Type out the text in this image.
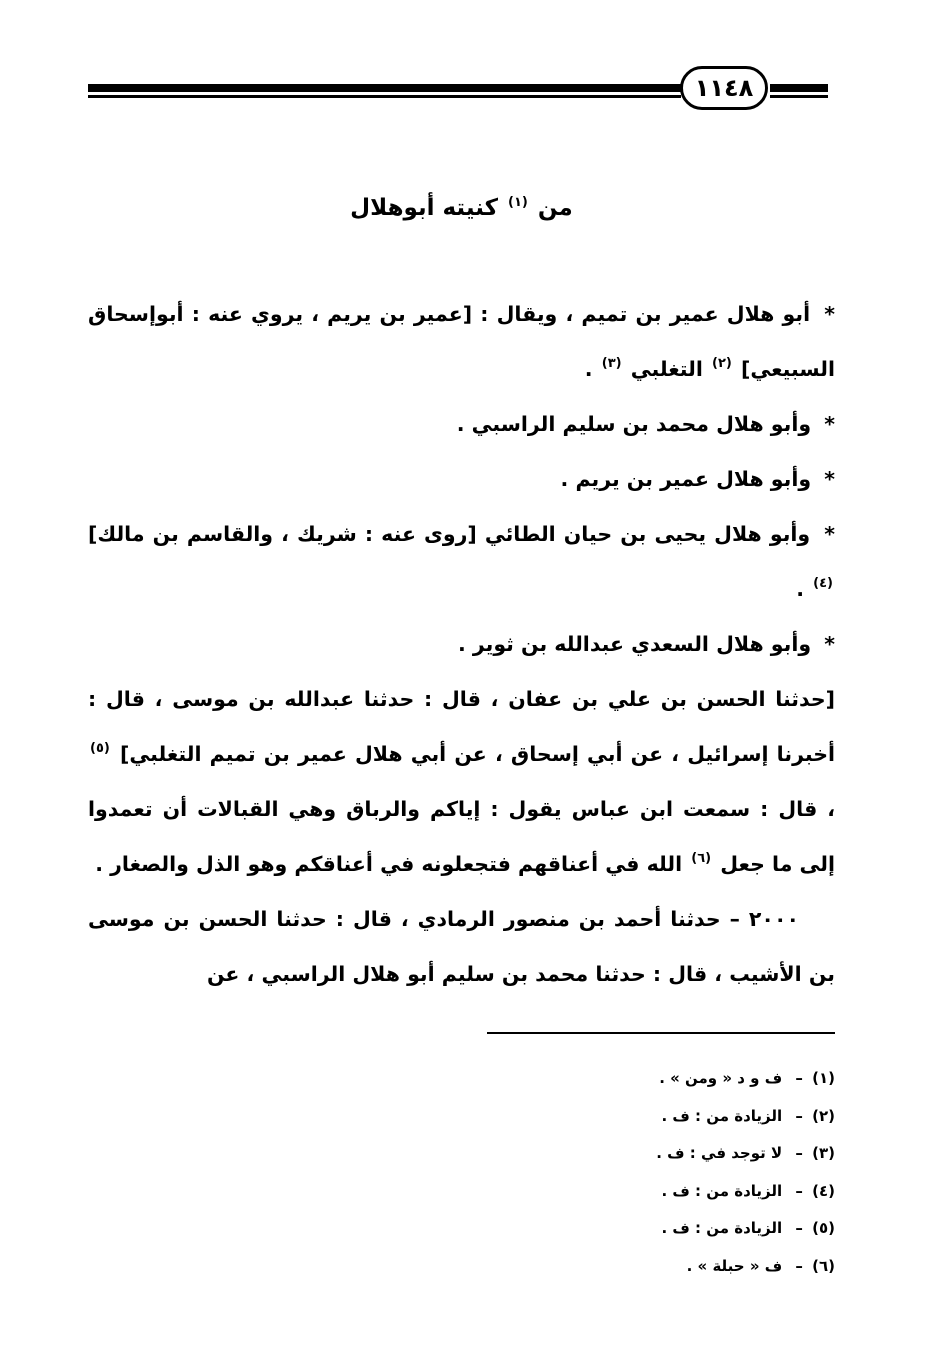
١١٤٨
من $^{(١)}$ كنيته أبوهلال

* أبو هلال عمير بن تميم ، ويقال : [عمير بن يريم ، يروي عنه : أبوإسحاق السبيعي] $^{(٢)}$ التغلبي $^{(٣)}$ .

* وأبو هلال محمد بن سليم الراسبي .

* وأبو هلال عمير بن يريم .

* وأبو هلال يحيى بن حيان الطائي [روى عنه : شريك ، والقاسم بن مالك] $^{(٤)}$ .

* وأبو هلال السعدي عبدالله بن ثوير .

[حدثنا الحسن بن علي بن عفان ، قال : حدثنا عبدالله بن موسى ، قال : أخبرنا إسرائيل ، عن أبي إسحاق ، عن أبي هلال عمير بن تميم التغلبي] $^{(٥)}$ ، قال : سمعت ابن عباس يقول : إياكم والرباق وهي القبالات أن تعمدوا إلى ما جعل $^{(٦)}$ الله في أعناقهم فتجعلونه في أعناقكم وهو الذل والصغار .

٢٠٠٠ – حدثنا أحمد بن منصور الرمادي ، قال : حدثنا الحسن بن موسى بن الأشيب ، قال : حدثنا محمد بن سليم أبو هلال الراسبي ، عن

(١) – ف و د « ومن » .
(٢) – الزيادة من : ف .
(٣) – لا توجد في : ف .
(٤) – الزيادة من : ف .
(٥) – الزيادة من : ف .
(٦) – ف « حبلة » .
